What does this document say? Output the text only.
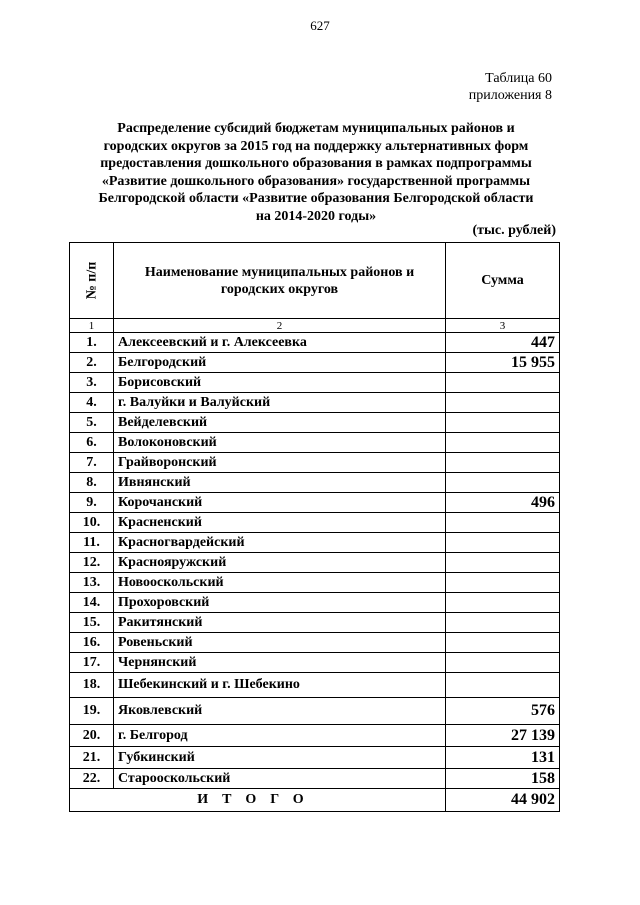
627
Таблица 60
приложения 8
Распределение субсидий бюджетам муниципальных районов и
городских округов за 2015 год на поддержку альтернативных форм
предоставления дошкольного образования в рамках подпрограммы
«Развитие дошкольного образования» государственной программы
Белгородской области «Развитие образования Белгородской области
на 2014-2020 годы»
(тыс. рублей)
№ п/п	Наименование муниципальных районов и городских округов	Сумма
1	2	3
1.	Алексеевский и г. Алексеевка	447
2.	Белгородский	15 955
3.	Борисовский	
4.	г. Валуйки и Валуйский	
5.	Вейделевский	
6.	Волоконовский	
7.	Грайворонский	
8.	Ивнянский	
9.	Корочанский	496
10.	Красненский	
11.	Красногвардейский	
12.	Краснояружский	
13.	Новооскольский	
14.	Прохоровский	
15.	Ракитянский	
16.	Ровеньский	
17.	Чернянский	
18.	Шебекинский и г. Шебекино	
19.	Яковлевский	576
20.	г. Белгород	27 139
21.	Губкинский	131
22.	Старооскольский	158
ИТОГО		44 902
